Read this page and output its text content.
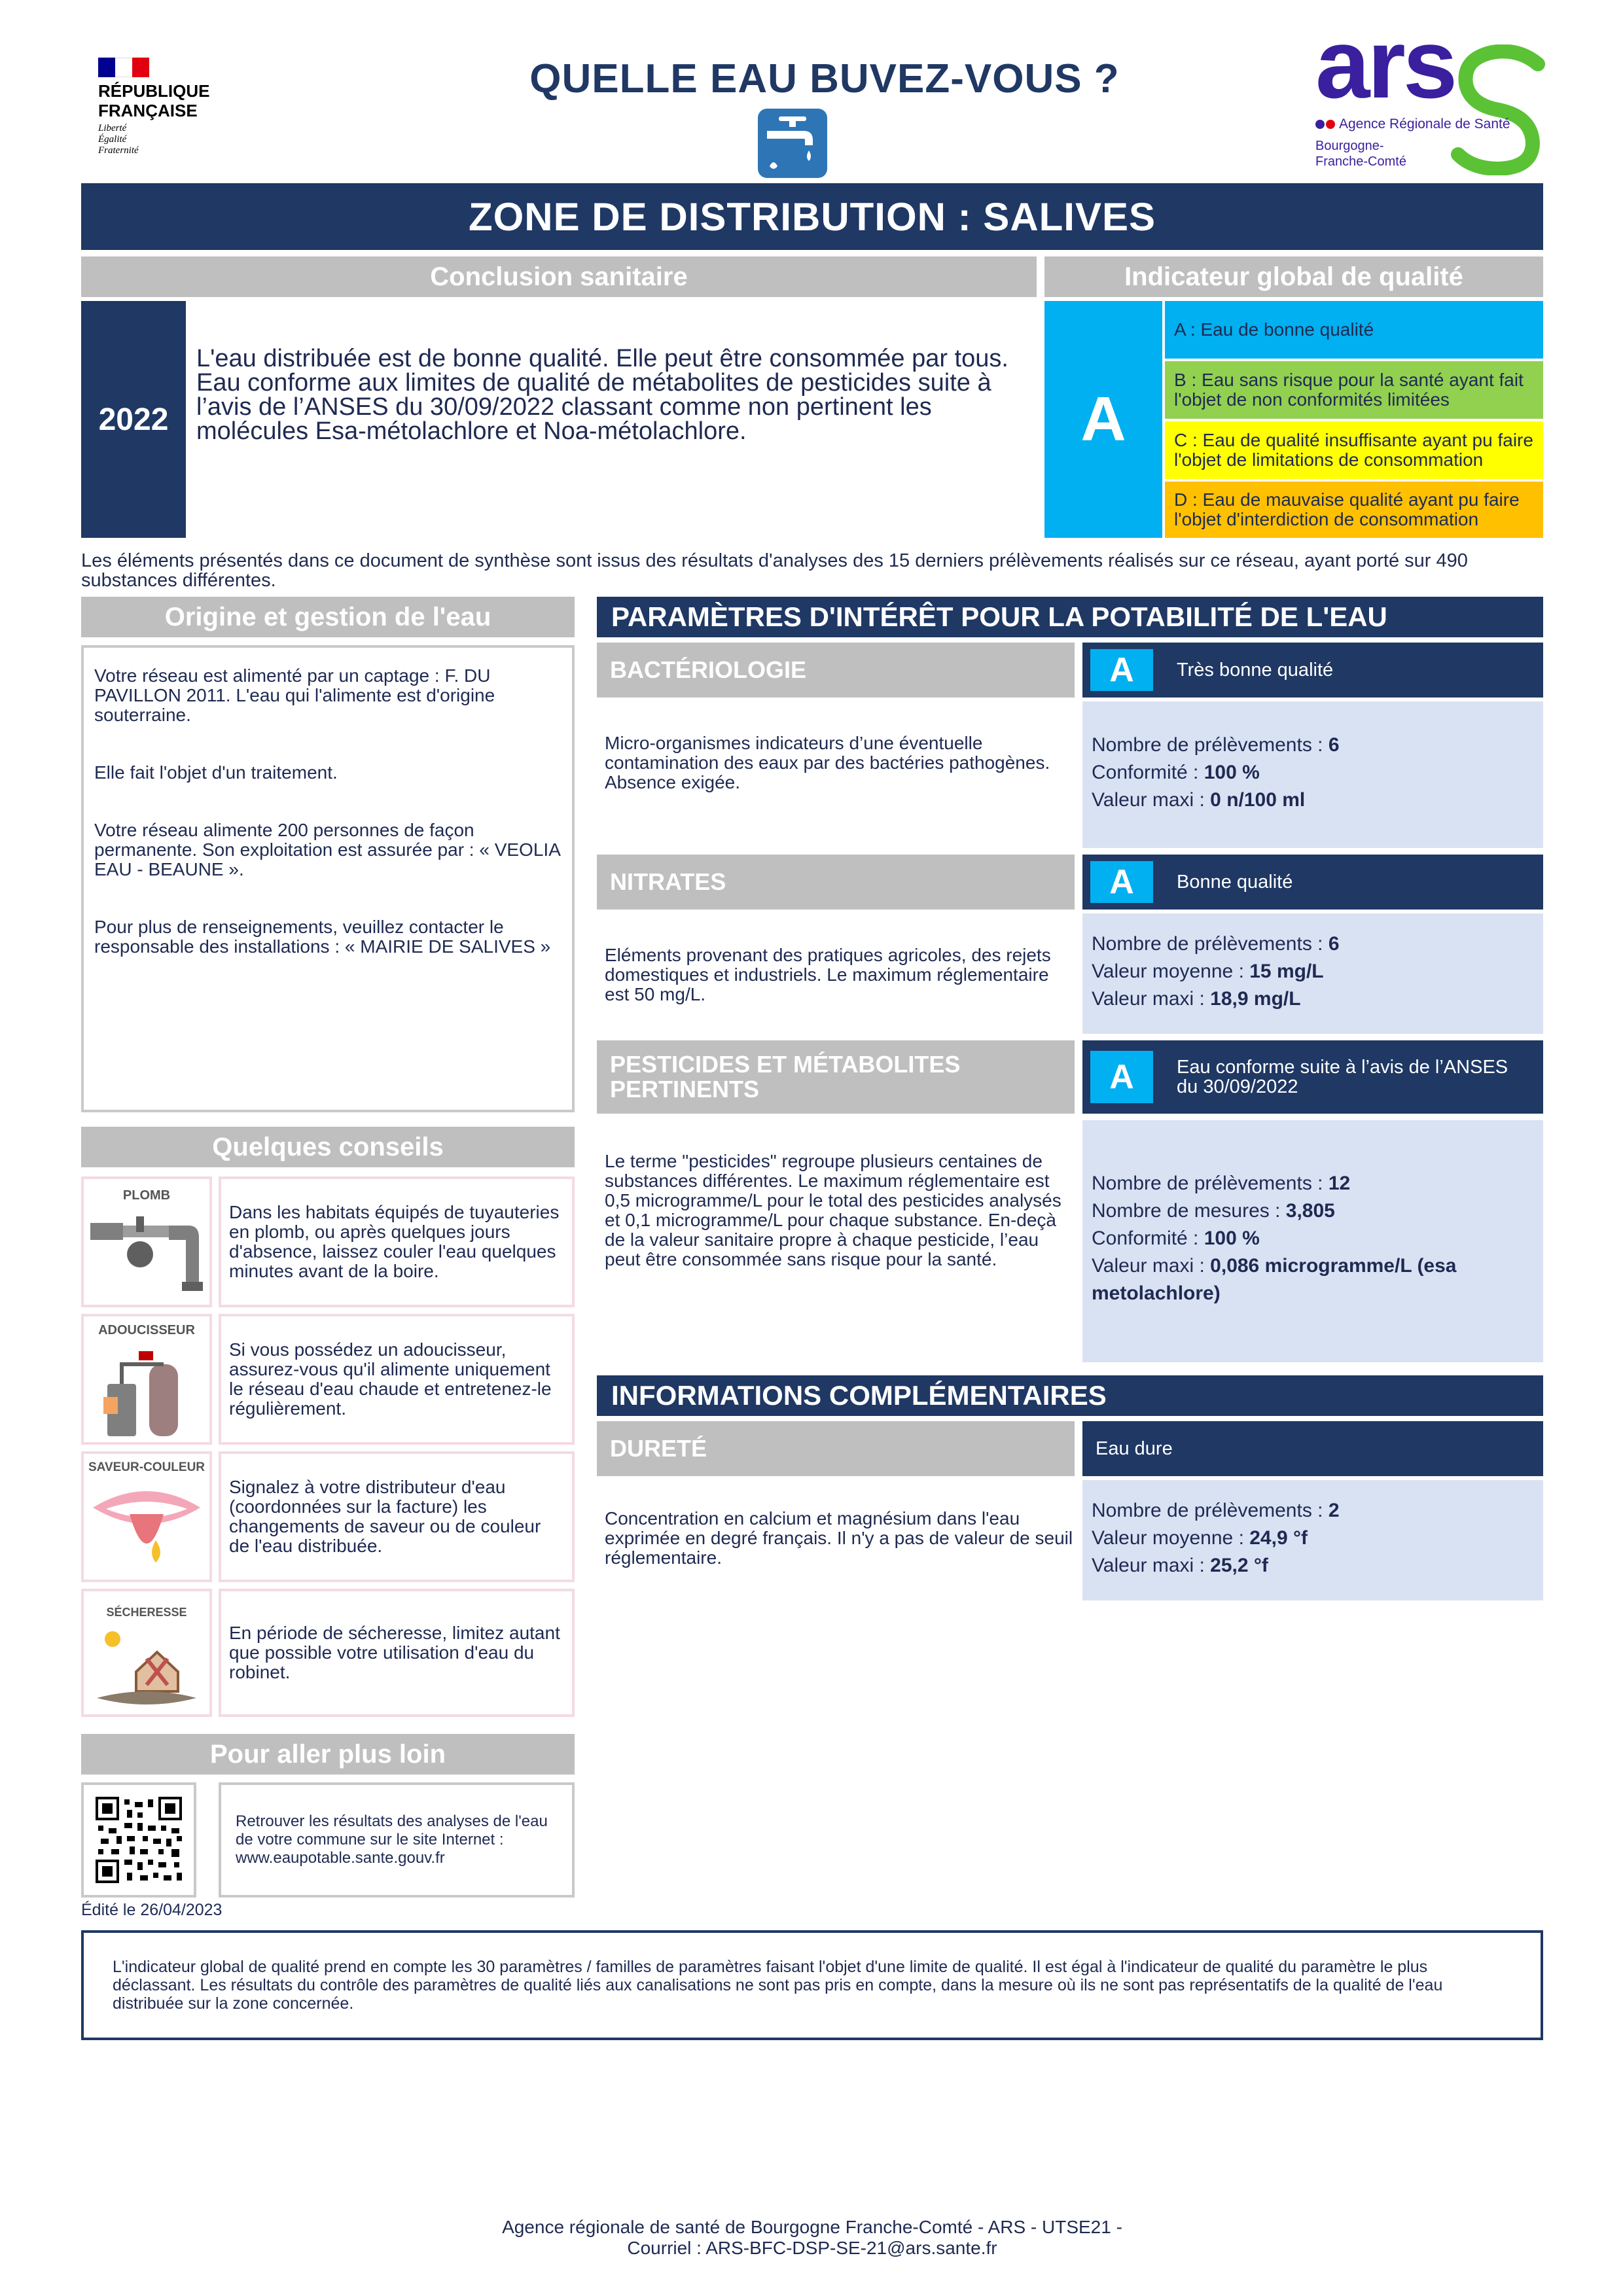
RÉPUBLIQUE
FRANÇAISE
Liberté
Égalité
Fraternité
QUELLE EAU BUVEZ-VOUS ?	ars
Agence Régionale de Santé
Bourgogne-
Franche-Comté
ZONE DE DISTRIBUTION : SALIVES
Conclusion sanitaire
2022
L'eau distribuée est de bonne qualité. Elle peut être consommée par tous.
Eau conforme aux limites de qualité de métabolites de pesticides suite à l’avis de l’ANSES du 30/09/2022 classant comme non pertinent les molécules Esa-métolachlore et Noa-métolachlore.
Indicateur global de qualité
A
A : Eau de bonne qualité
B : Eau sans risque pour la santé ayant fait l'objet de non conformités limitées
C : Eau de qualité insuffisante ayant pu faire l'objet de limitations de consommation
D : Eau de mauvaise qualité ayant pu faire l'objet d'interdiction de consommation
Les éléments présentés dans ce document de synthèse sont issus des résultats d'analyses des 15 derniers prélèvements réalisés sur ce réseau, ayant porté sur 490 substances différentes.
Origine et gestion de l'eau
Votre réseau est alimenté par un captage : F. DU PAVILLON 2011. L'eau qui l'alimente est d'origine souterraine.
Elle fait l'objet d'un traitement.
Votre réseau alimente 200 personnes de façon permanente. Son exploitation est assurée par : « VEOLIA EAU - BEAUNE ».
Pour plus de renseignements, veuillez contacter le responsable des installations : « MAIRIE DE SALIVES »
Quelques conseils
PLOMB
Dans les habitats équipés de tuyauteries en plomb, ou après quelques jours d'absence, laissez couler l'eau quelques minutes avant de la boire.
ADOUCISSEUR
Si vous possédez un adoucisseur, assurez-vous qu'il alimente uniquement le réseau d'eau chaude et entretenez-le régulièrement.
SAVEUR-COULEUR
Signalez à votre distributeur d'eau (coordonnées sur la facture) les changements de saveur ou de couleur de l'eau distribuée.
SÉCHERESSE
En période de sécheresse, limitez autant que possible votre utilisation d'eau du robinet.
Pour aller plus loin
Retrouver les résultats des analyses de l'eau de votre commune sur le site Internet : www.eaupotable.sante.gouv.fr
Édité le 26/04/2023
PARAMÈTRES D'INTÉRÊT POUR LA POTABILITÉ DE L'EAU
BACTÉRIOLOGIE	A	Très bonne qualité
Micro-organismes indicateurs d’une éventuelle contamination des eaux par des bactéries pathogènes. Absence exigée.
Nombre de prélèvements : 6
Conformité : 100 %
Valeur maxi : 0 n/100 ml
NITRATES	A	Bonne qualité
Eléments provenant des pratiques agricoles, des rejets domestiques et industriels. Le maximum réglementaire est 50 mg/L.
Nombre de prélèvements : 6
Valeur moyenne : 15 mg/L
Valeur maxi : 18,9 mg/L
PESTICIDES ET MÉTABOLITES PERTINENTS	A	Eau conforme suite à l’avis de l’ANSES du 30/09/2022
Le terme "pesticides" regroupe plusieurs centaines de substances différentes. Le maximum réglementaire est 0,5 microgramme/L pour le total des pesticides analysés et 0,1 microgramme/L pour chaque substance. En-deçà de la valeur sanitaire propre à chaque pesticide, l’eau peut être consommée sans risque pour la santé.
Nombre de prélèvements : 12
Nombre de mesures : 3,805
Conformité : 100 %
Valeur maxi : 0,086 microgramme/L (esa metolachlore)
INFORMATIONS COMPLÉMENTAIRES
DURETÉ	Eau dure
Concentration en calcium et magnésium dans l'eau exprimée en degré français. Il n'y a pas de valeur de seuil réglementaire.
Nombre de prélèvements : 2
Valeur moyenne : 24,9 °f
Valeur maxi : 25,2 °f
L'indicateur global de qualité prend en compte les 30 paramètres / familles de paramètres faisant l'objet d'une limite de qualité. Il est égal à l'indicateur de qualité du paramètre le plus déclassant. Les résultats du contrôle des paramètres de qualité liés aux canalisations ne sont pas pris en compte, dans la mesure où ils ne sont pas représentatifs de la qualité de l'eau distribuée sur la zone concernée.
Agence régionale de santé de Bourgogne Franche-Comté - ARS - UTSE21 -
Courriel : ARS-BFC-DSP-SE-21@ars.sante.fr
